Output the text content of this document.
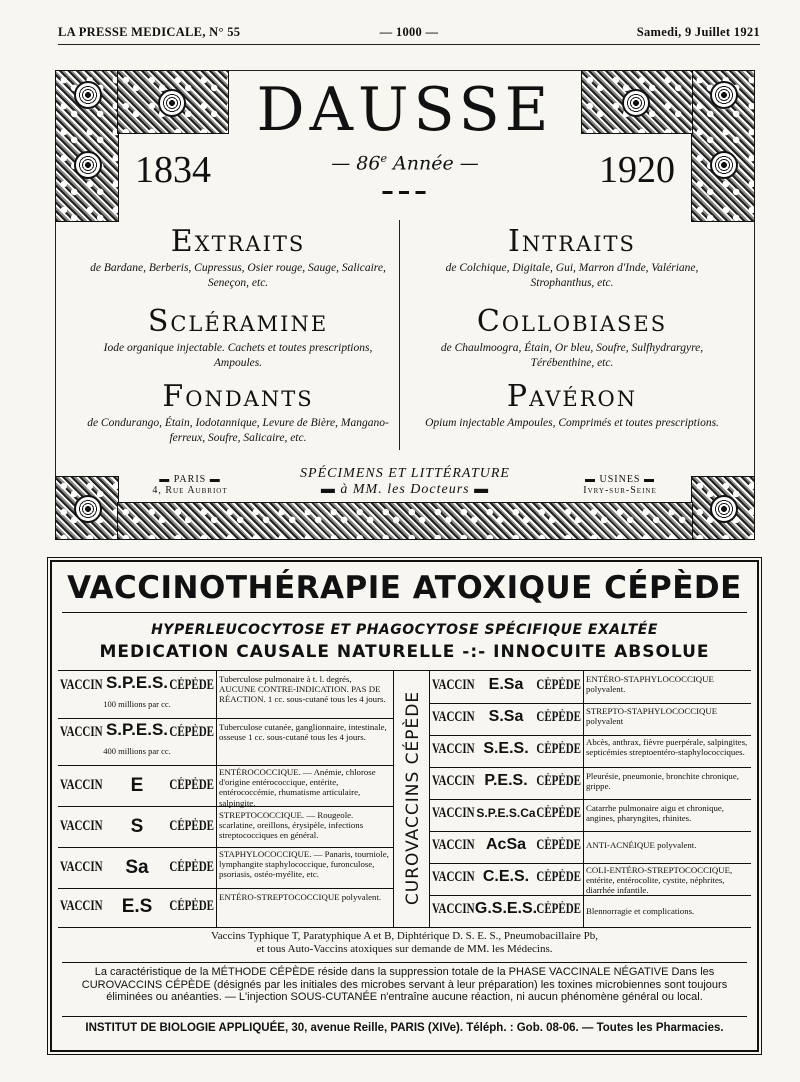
LA PRESSE MEDICALE, N° 55	— 1000 —	Samedi, 9 Juillet 1921
DAUSSE
1834	1920
— 86e Année —
▬ ▬ ▬
Extraits

de Bardane, Berberis, Cupressus, Osier rouge, Sauge, Salicaire, Seneçon, etc.

Intraits

de Colchique, Digitale, Gui, Marron d'Inde, Valériane, Strophanthus, etc.

Scléramine

Iode organique injectable. Cachets et toutes prescriptions, Ampoules.

Collobiases

de Chaulmoogra, Étain, Or bleu, Soufre, Sulfhydrargyre, Térébenthine, etc.

Fondants

de Condurango, Étain, Iodotannique, Levure de Bière, Mangano-ferreux, Soufre, Salicaire, etc.

Pavéron

Opium injectable Ampoules, Comprimés et toutes prescriptions.

▬ PARIS ▬
4, Rue Aubriot
SPÉCIMENS ET LITTÉRATURE
▬ à MM. les Docteurs ▬
▬ USINES ▬
Ivry-sur-Seine
VACCINOTHÉRAPIE ATOXIQUE CÉPÈDE
HYPERLEUCOCYTOSE ET PHAGOCYTOSE SPÉCIFIQUE EXALTÉE
MEDICATION CAUSALE NATURELLE -:- INNOCUITE ABSOLUE
CUROVACCINS CÉPÈDE
VACCIN S.P.E.S. CÉPÈDE
100 millions par cc.
Tuberculose pulmonaire à t. l. degrés, AUCUNE CONTRE-INDICATION. PAS DE RÉACTION. 1 cc. sous-cutané tous les 4 jours.
VACCIN S.P.E.S. CÉPÈDE
400 millions par cc.
Tuberculose cutanée, ganglionnaire, intestinale, osseuse 1 cc. sous-cutané tous les 4 jours.
VACCIN	E	CÉPÈDE
ENTÉROCOCCIQUE. — Anémie, chlorose d'origine entérococcique, entérite, entérococcémie, rhumatisme articulaire, salpingite.
VACCIN	S	CÉPÈDE
STREPTOCOCCIQUE. — Rougeole. scarlatine, oreillons, érysipèle, infections streptococciques en général.
VACCIN	Sa	CÉPÈDE
STAPHYLOCOCCIQUE. — Panaris, tourniole, lymphangite staphylococcique, furonculose, psoriasis, ostéo-myélite, etc.
VACCIN	E.S	CÉPÈDE
ENTÉRO-STREPTOCOCCIQUE polyvalent.
VACCIN E.Sa	CÉPÈDE ENTÉRO-STAPHYLOCOCCIQUE polyvalent.
VACCIN S.Sa	CÉPÈDE STREPTO-STAPHYLOCOCCIQUE polyvalent
VACCIN S.E.S. CÉPÈDE Abcès, anthrax, fièvre puerpérale, salpingites, septicémies streptoentéro-staphylococciques.
VACCIN P.E.S. CÉPÈDE Pleurésie, pneumonie, bronchite chronique, grippe.
VACCIN S.P.E.S.Ca CÉPÈDE Catarrhe pulmonaire aigu et chronique, angines, pharyngites, rhinites.
VACCIN AcSa CÉPÈDE ANTI-ACNÉIQUE polyvalent.
VACCIN C.E.S. CÉPÈDE COLI-ENTÉRO-STREPTOCOCCIQUE, entérite, entérocolite, cystite, néphrites, diarrhée infantile.
VACCIN G.S.E.S. CÉPÈDE Blennorragie et complications.
Vaccins Typhique T, Paratyphique A et B, Diphtérique D. S. E. S., Pneumobacillaire Pb,
et tous Auto-Vaccins atoxiques sur demande de MM. les Médecins.
La caractéristique de la MÉTHODE CÉPÈDE réside dans la suppression totale de la PHASE VACCINALE NÉGATIVE Dans les CUROVACCINS CÉPÈDE (désignés par les initiales des microbes servant à leur préparation) les toxines microbiennes sont toujours éliminées ou anéanties. — L'injection SOUS-CUTANÉE n'entraîne aucune réaction, ni aucun phénomène général ou local.
INSTITUT DE BIOLOGIE APPLIQUÉE, 30, avenue Reille, PARIS (XIVe). Téléph. : Gob. 08-06. — Toutes les Pharmacies.
